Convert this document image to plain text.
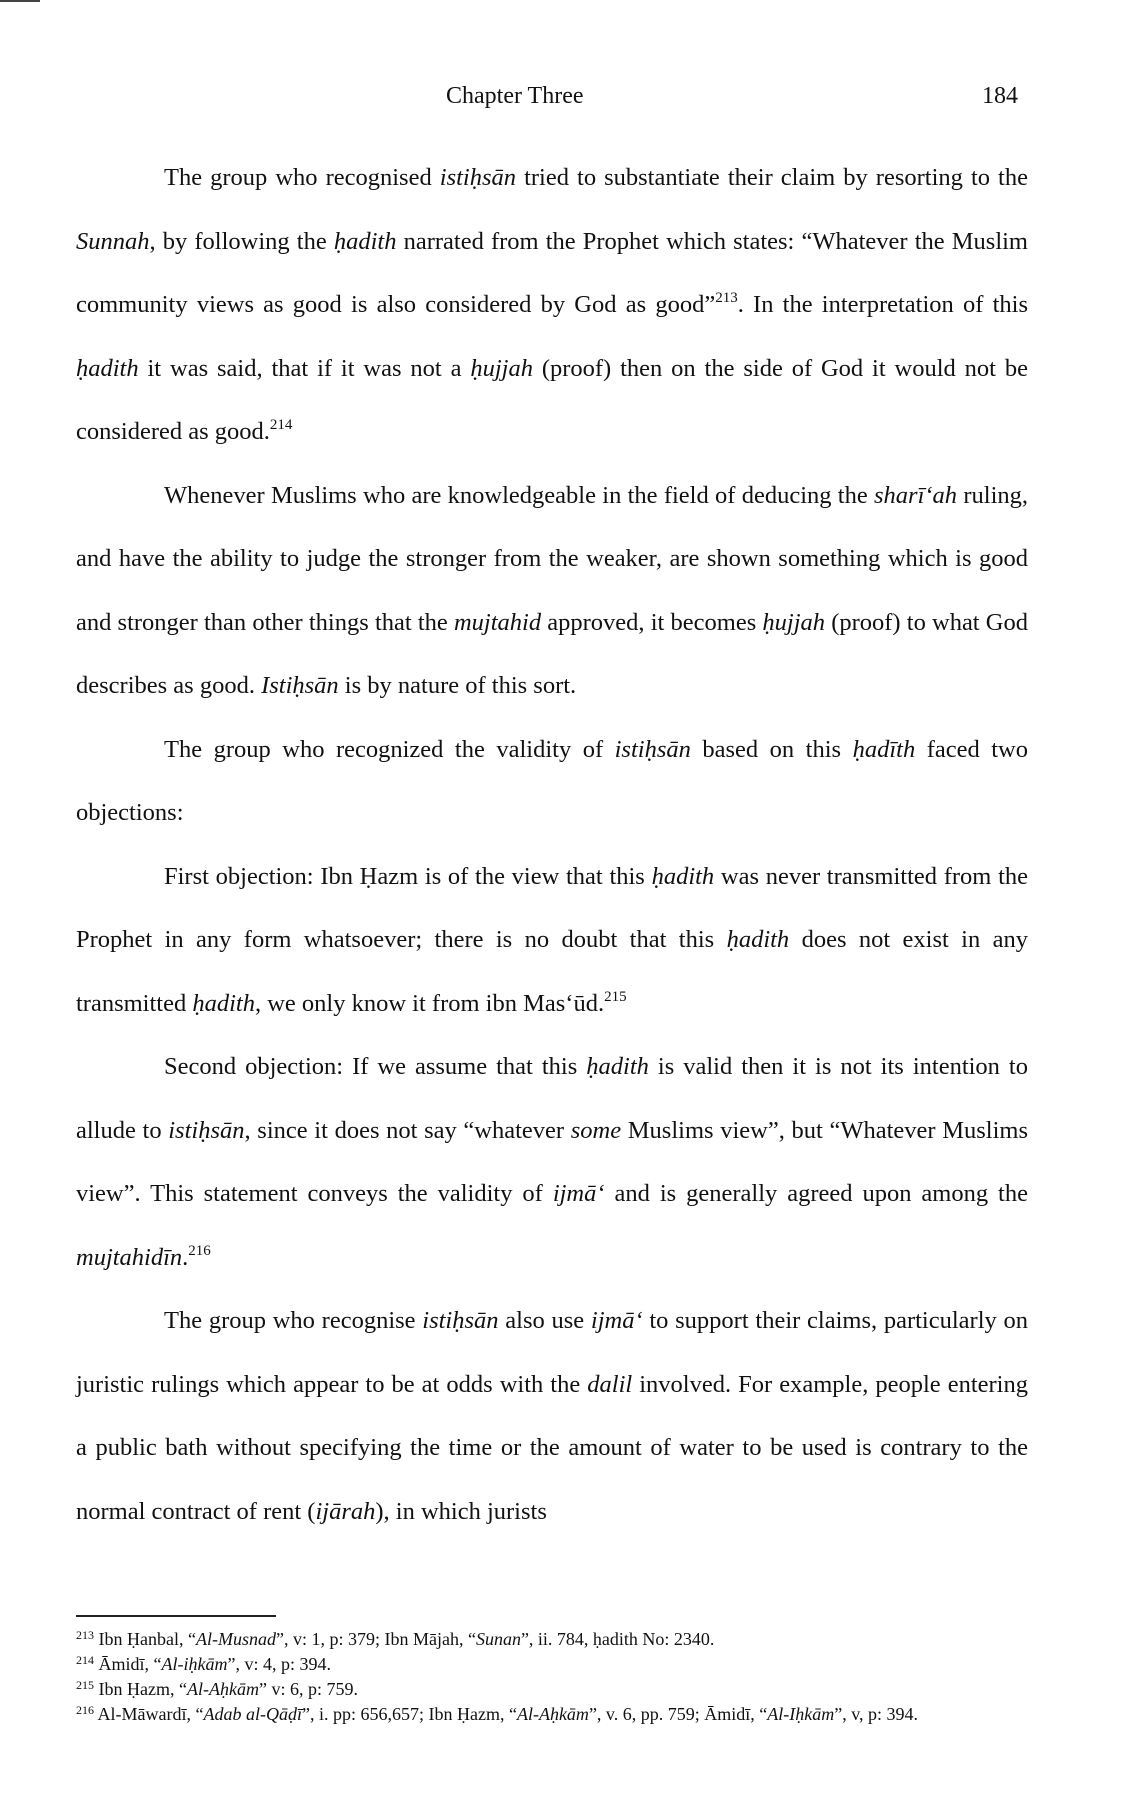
Chapter Three	184

The group who recognised istiḥsān tried to substantiate their claim by resorting to the Sunnah, by following the ḥadith narrated from the Prophet which states: “Whatever the Muslim community views as good is also considered by God as good”$^{213}$. In the interpretation of this ḥadith it was said, that if it was not a ḥujjah (proof) then on the side of God it would not be considered as good.$^{214}$

Whenever Muslims who are knowledgeable in the field of deducing the sharī‘ah ruling, and have the ability to judge the stronger from the weaker, are shown something which is good and stronger than other things that the mujtahid approved, it becomes ḥujjah (proof) to what God describes as good. Istiḥsān is by nature of this sort.

The group who recognized the validity of istiḥsān based on this ḥadīth faced two objections:

First objection: Ibn Ḥazm is of the view that this ḥadith was never transmitted from the Prophet in any form whatsoever; there is no doubt that this ḥadith does not exist in any transmitted ḥadith, we only know it from ibn Mas‘ūd.$^{215}$

Second objection: If we assume that this ḥadith is valid then it is not its intention to allude to istiḥsān, since it does not say “whatever some Muslims view”, but “Whatever Muslims view”. This statement conveys the validity of ijmā‘ and is generally agreed upon among the mujtahidīn.$^{216}$

The group who recognise istiḥsān also use ijmā‘ to support their claims, particularly on juristic rulings which appear to be at odds with the dalil involved. For example, people entering a public bath without specifying the time or the amount of water to be used is contrary to the normal contract of rent (ijārah), in which jurists

$^{213}$ Ibn Ḥanbal, “Al-Musnad”, v: 1, p: 379; Ibn Mājah, “Sunan”, ii. 784, ḥadith No: 2340.

$^{214}$ Āmidī, “Al-iḥkām”, v: 4, p: 394.

$^{215}$ Ibn Ḥazm, “Al-Aḥkām” v: 6, p: 759.

$^{216}$ Al-Māwardī, “Adab al-Qāḍī”, i. pp: 656,657; Ibn Ḥazm, “Al-Aḥkām”, v. 6, pp. 759; Āmidī, “Al-Iḥkām”, v, p: 394.
